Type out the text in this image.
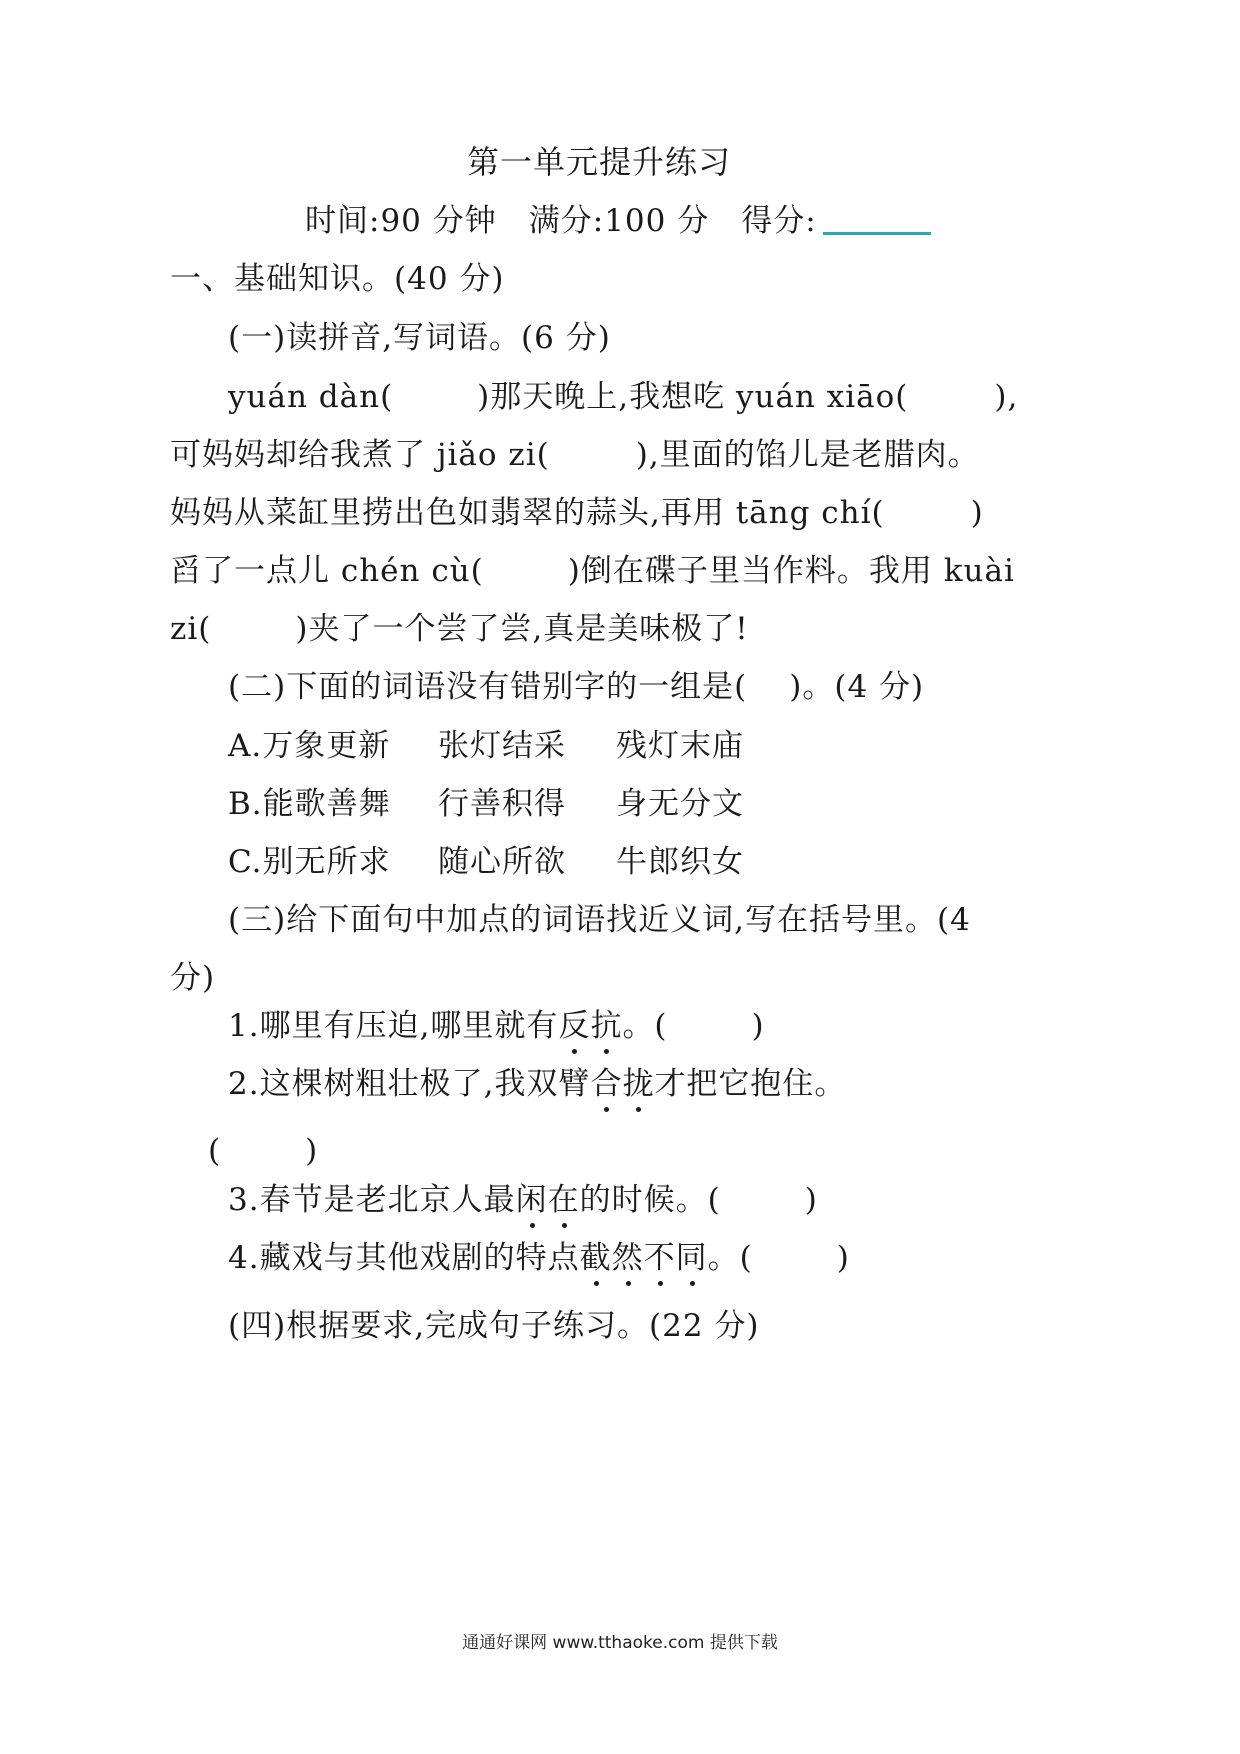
第一单元提升练习
时间:90 分钟 满分:100 分 得分:
一、基础知识。(40 分)
(一)读拼音,写词语。(6 分)
yuán dàn(	)那天晚上,我想吃 yuán xiāo(	),
可妈妈却给我煮了 jiǎo zi(	),里面的馅儿是老腊肉。
妈妈从菜缸里捞出色如翡翠的蒜头,再用 tāng chí(	)
舀了一点儿 chén cù(	)倒在碟子里当作料。我用 kuài
zi(	)夹了一个尝了尝,真是美味极了!
(二)下面的词语没有错别字的一组是( )。(4 分)
A.万象更新 张灯结采 残灯末庙
B.能歌善舞 行善积得 身无分文
C.别无所求 随心所欲 牛郎织女
(三)给下面句中加点的词语找近义词,写在括号里。(4
分)
1.哪里有压迫,哪里就有反抗。(	)
2.这棵树粗壮极了,我双臂合拢才把它抱住。
(	)
3.春节是老北京人最闲在的时候。(	)
4.藏戏与其他戏剧的特点截然不同。(	)
(四)根据要求,完成句子练习。(22 分)
通通好课网 www.tthaoke.com 提供下载
